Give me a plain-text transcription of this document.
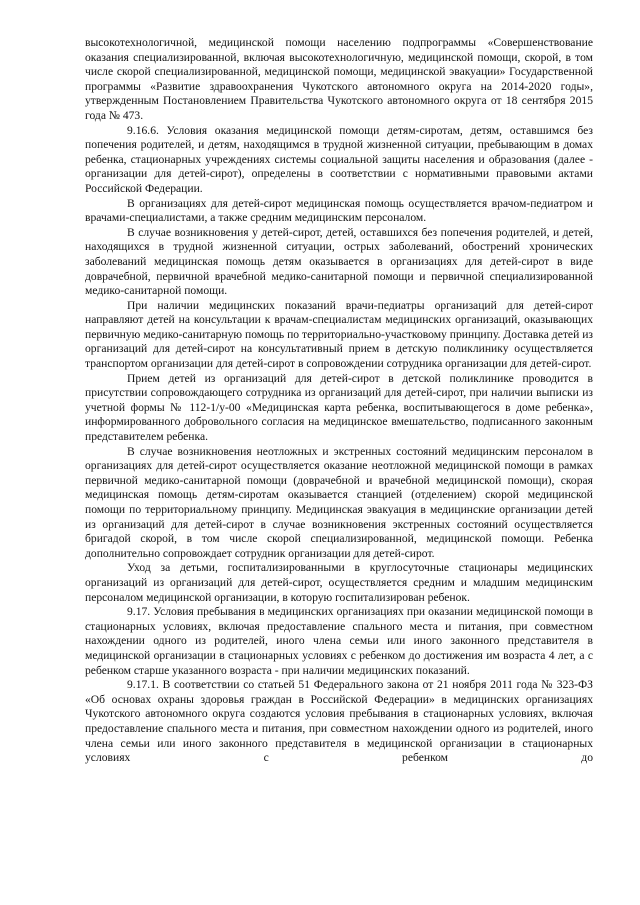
высокотехнологичной, медицинской помощи населению подпрограммы «Совершенствование оказания специализированной, включая высокотехнологичную, медицинской помощи, скорой, в том числе скорой специализированной, медицинской помощи, медицинской эвакуации» Государственной программы «Развитие здравоохранения Чукотского автономного округа на 2014-2020 годы», утвержденным Постановлением Правительства Чукотского автономного округа от 18 сентября 2015 года № 473.

9.16.6. Условия оказания медицинской помощи детям-сиротам, детям, оставшимся без попечения родителей, и детям, находящимся в трудной жизненной ситуации, пребывающим в домах ребенка, стационарных учреждениях системы социальной защиты населения и образования (далее - организации для детей-сирот), определены в соответствии с нормативными правовыми актами Российской Федерации.

В организациях для детей-сирот медицинская помощь осуществляется врачом-педиатром и врачами-специалистами, а также средним медицинским персоналом.

В случае возникновения у детей-сирот, детей, оставшихся без попечения родителей, и детей, находящихся в трудной жизненной ситуации, острых заболеваний, обострений хронических заболеваний медицинская помощь детям оказывается в организациях для детей-сирот в виде доврачебной, первичной врачебной медико-санитарной помощи и первичной специализированной медико-санитарной помощи.

При наличии медицинских показаний врачи-педиатры организаций для детей-сирот направляют детей на консультации к врачам-специалистам медицинских организаций, оказывающих первичную медико-санитарную помощь по территориально-участковому принципу. Доставка детей из организаций для детей-сирот на консультативный прием в детскую поликлинику осуществляется транспортом организации для детей-сирот в сопровождении сотрудника организации для детей-сирот.

Прием детей из организаций для детей-сирот в детской поликлинике проводится в присутствии сопровождающего сотрудника из организаций для детей-сирот, при наличии выписки из учетной формы № 112-1/у-00 «Медицинская карта ребенка, воспитывающегося в доме ребенка», информированного добровольного согласия на медицинское вмешательство, подписанного законным представителем ребенка.

В случае возникновения неотложных и экстренных состояний медицинским персоналом в организациях для детей-сирот осуществляется оказание неотложной медицинской помощи в рамках первичной медико-санитарной помощи (доврачебной и врачебной медицинской помощи), скорая медицинская помощь детям-сиротам оказывается станцией (отделением) скорой медицинской помощи по территориальному принципу. Медицинская эвакуация в медицинские организации детей из организаций для детей-сирот в случае возникновения экстренных состояний осуществляется бригадой скорой, в том числе скорой специализированной, медицинской помощи. Ребенка дополнительно сопровождает сотрудник организации для детей-сирот.

Уход за детьми, госпитализированными в круглосуточные стационары медицинских организаций из организаций для детей-сирот, осуществляется средним и младшим медицинским персоналом медицинской организации, в которую госпитализирован ребенок.

9.17. Условия пребывания в медицинских организациях при оказании медицинской помощи в стационарных условиях, включая предоставление спального места и питания, при совместном нахождении одного из родителей, иного члена семьи или иного законного представителя в медицинской организации в стационарных условиях с ребенком до достижения им возраста 4 лет, а с ребенком старше указанного возраста - при наличии медицинских показаний.

9.17.1. В соответствии со статьей 51 Федерального закона от 21 ноября 2011 года № 323-ФЗ «Об основах охраны здоровья граждан в Российской Федерации» в медицинских организациях Чукотского автономного округа создаются условия пребывания в стационарных условиях, включая предоставление спального места и питания, при совместном нахождении одного из родителей, иного члена семьи или иного законного представителя в медицинской организации в стационарных условиях с ребенком до
